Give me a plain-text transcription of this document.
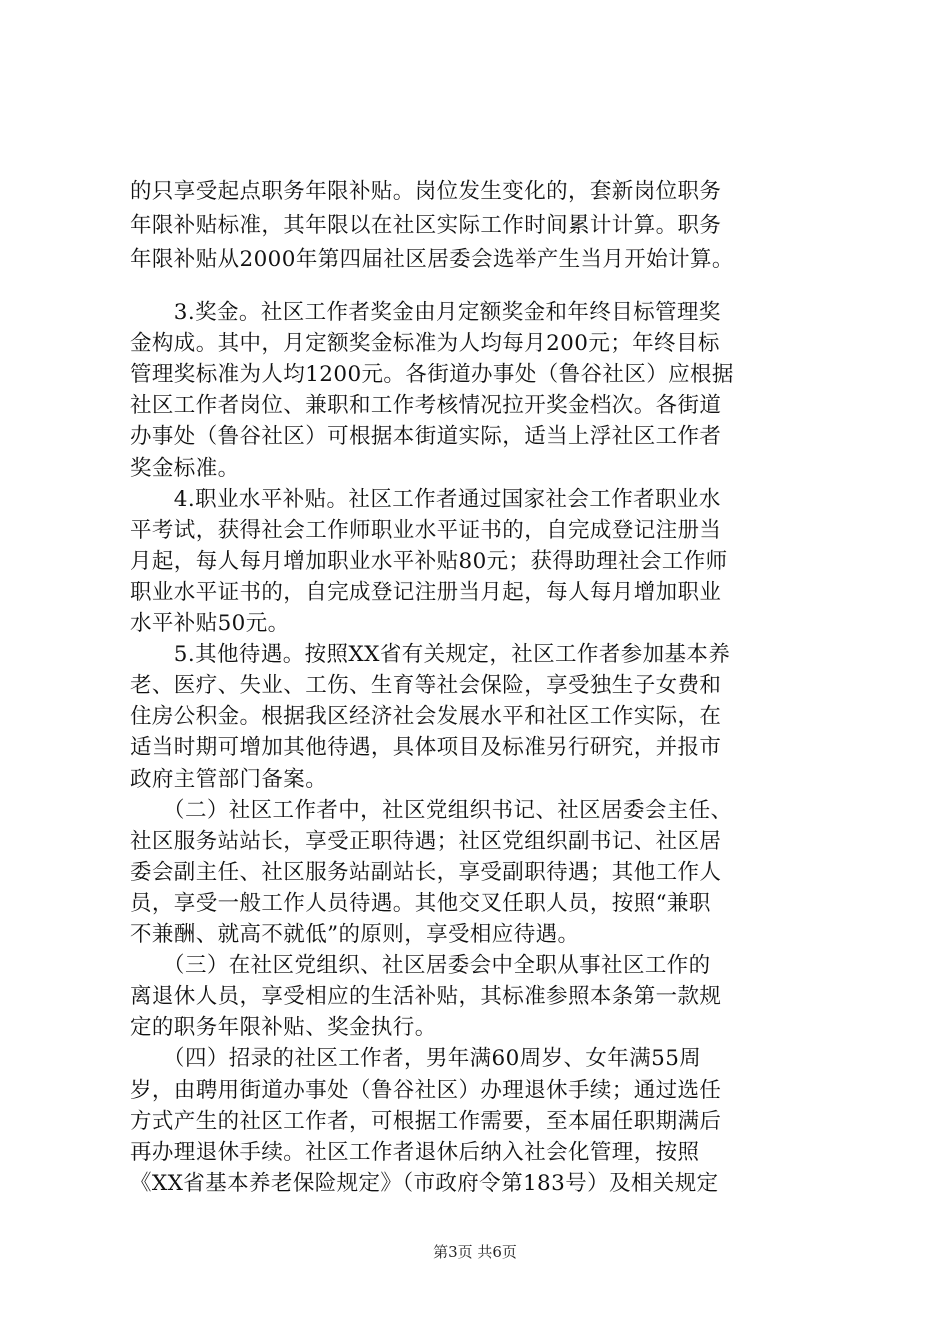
的只享受起点职务年限补贴。岗位发生变化的，套新岗位职务
年限补贴标准，其年限以在社区实际工作时间累计计算。职务
年限补贴从2000年第四届社区居委会选举产生当月开始计算。
　　3.奖金。社区工作者奖金由月定额奖金和年终目标管理奖
金构成。其中，月定额奖金标准为人均每月200元；年终目标
管理奖标准为人均1200元。各街道办事处（鲁谷社区）应根据
社区工作者岗位、兼职和工作考核情况拉开奖金档次。各街道
办事处（鲁谷社区）可根据本街道实际，适当上浮社区工作者
奖金标准。
　　4.职业水平补贴。社区工作者通过国家社会工作者职业水
平考试，获得社会工作师职业水平证书的，自完成登记注册当
月起，每人每月增加职业水平补贴80元；获得助理社会工作师
职业水平证书的，自完成登记注册当月起，每人每月增加职业
水平补贴50元。
　　5.其他待遇。按照XX省有关规定，社区工作者参加基本养
老、医疗、失业、工伤、生育等社会保险，享受独生子女费和
住房公积金。根据我区经济社会发展水平和社区工作实际，在
适当时期可增加其他待遇，具体项目及标准另行研究，并报市
政府主管部门备案。
　　（二）社区工作者中，社区党组织书记、社区居委会主任、
社区服务站站长，享受正职待遇；社区党组织副书记、社区居
委会副主任、社区服务站副站长，享受副职待遇；其他工作人
员，享受一般工作人员待遇。其他交叉任职人员，按照“兼职
不兼酬、就高不就低”的原则，享受相应待遇。
　　（三）在社区党组织、社区居委会中全职从事社区工作的
离退休人员，享受相应的生活补贴，其标准参照本条第一款规
定的职务年限补贴、奖金执行。
　　（四）招录的社区工作者，男年满60周岁、女年满55周
岁，由聘用街道办事处（鲁谷社区）办理退休手续；通过选任
方式产生的社区工作者，可根据工作需要，至本届任职期满后
再办理退休手续。社区工作者退休后纳入社会化管理，按照
《XX省基本养老保险规定》（市政府令第183号）及相关规定
第3页 共6页
